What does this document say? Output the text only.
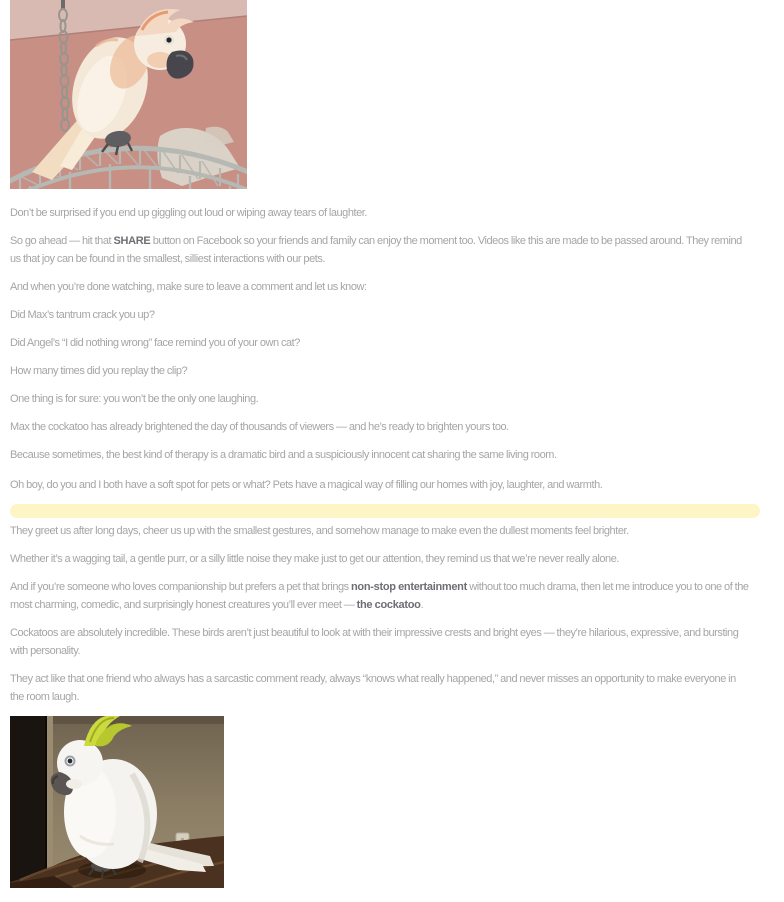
Don’t be surprised if you end up giggling out loud or wiping away tears of laughter.

So go ahead — hit that SHARE button on Facebook so your friends and family can enjoy the moment too. Videos like this are made to be passed around. They remind us that joy can be found in the smallest, silliest interactions with our pets.

And when you’re done watching, make sure to leave a comment and let us know:

Did Max’s tantrum crack you up?

Did Angel’s “I did nothing wrong” face remind you of your own cat?

How many times did you replay the clip?

One thing is for sure: you won’t be the only one laughing.

Max the cockatoo has already brightened the day of thousands of viewers — and he’s ready to brighten yours too.

Because sometimes, the best kind of therapy is a dramatic bird and a suspiciously innocent cat sharing the same living room.

Oh boy, do you and I both have a soft spot for pets or what? Pets have a magical way of filling our homes with joy, laughter, and warmth.

They greet us after long days, cheer us up with the smallest gestures, and somehow manage to make even the dullest moments feel brighter.

Whether it’s a wagging tail, a gentle purr, or a silly little noise they make just to get our attention, they remind us that we’re never really alone.

And if you’re someone who loves companionship but prefers a pet that brings non-stop entertainment without too much drama, then let me introduce you to one of the most charming, comedic, and surprisingly honest creatures you’ll ever meet — the cockatoo.

Cockatoos are absolutely incredible. These birds aren’t just beautiful to look at with their impressive crests and bright eyes — they’re hilarious, expressive, and bursting with personality.

They act like that one friend who always has a sarcastic comment ready, always “knows what really happened,” and never misses an opportunity to make everyone in the room laugh.
